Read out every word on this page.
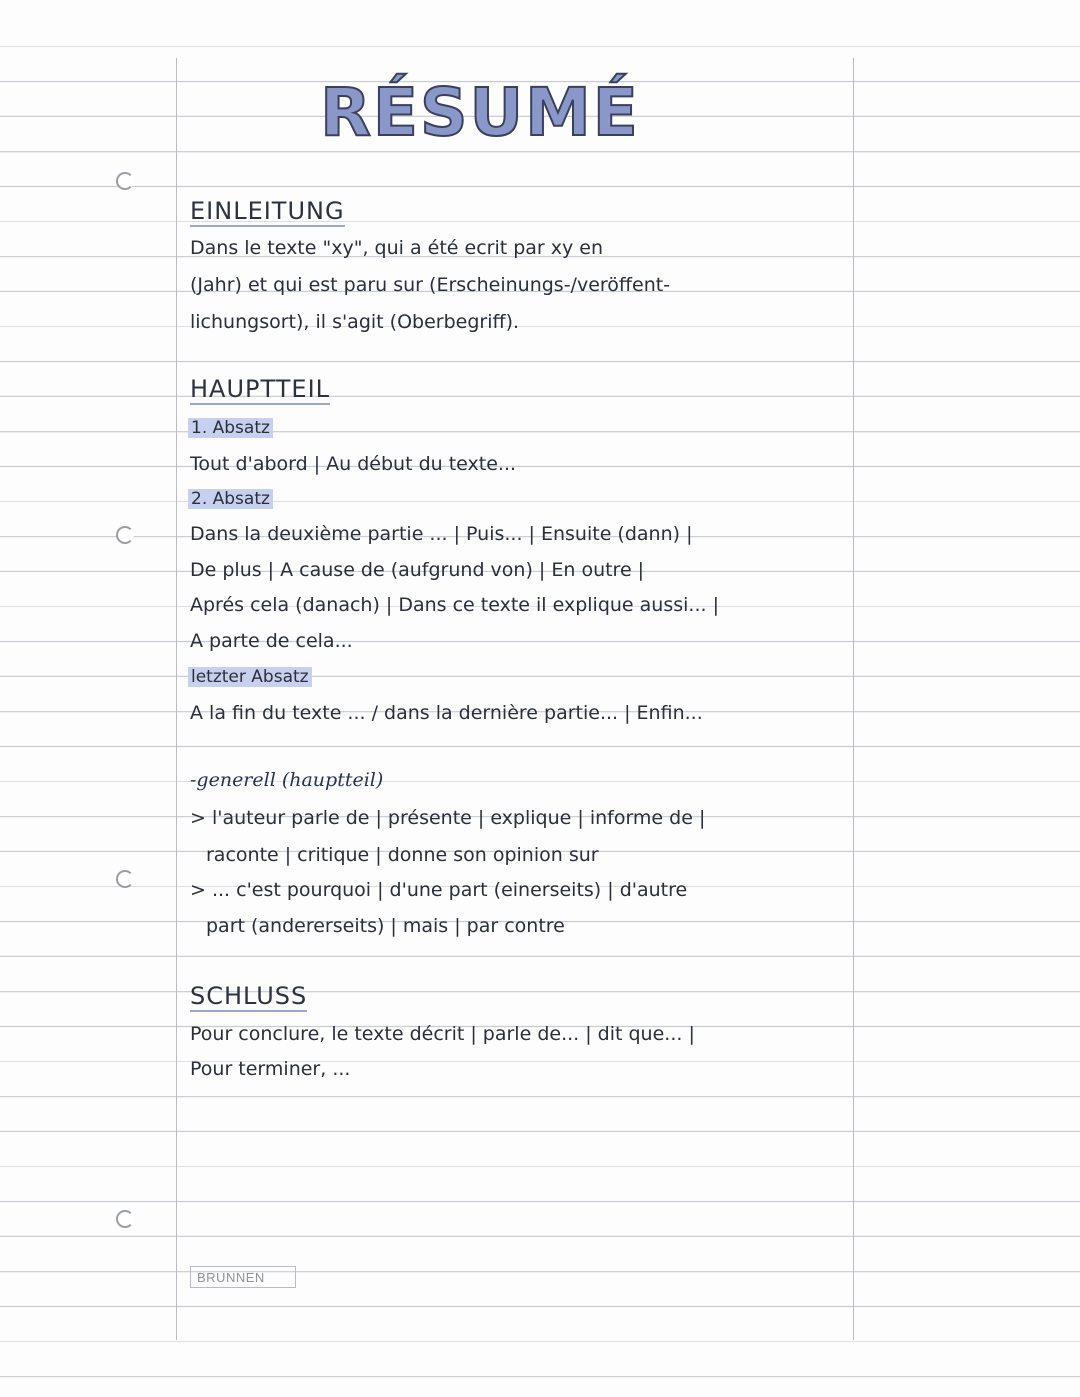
RÉSUMÉ
EINLEITUNG
Dans le texte "xy", qui a été ecrit par xy en
(Jahr) et qui est paru sur (Erscheinungs-/veröffent-
lichungsort), il s'agit (Oberbegriff).
HAUPTTEIL
1. Absatz
Tout d'abord | Au début du texte...
2. Absatz
Dans la deuxième partie ... | Puis... | Ensuite (dann) |
De plus | A cause de (aufgrund von) | En outre |
Aprés cela (danach) | Dans ce texte il explique aussi... |
A parte de cela...
letzter Absatz
A la fin du texte ... / dans la dernière partie... | Enfin...
-generell (hauptteil)
> l'auteur parle de | présente | explique | informe de |
raconte | critique | donne son opinion sur
> ... c'est pourquoi | d'une part (einerseits) | d'autre
part (andererseits) | mais | par contre
SCHLUSS
Pour conclure, le texte décrit | parle de... | dit que... |
Pour terminer, ...
BRUNNEN
